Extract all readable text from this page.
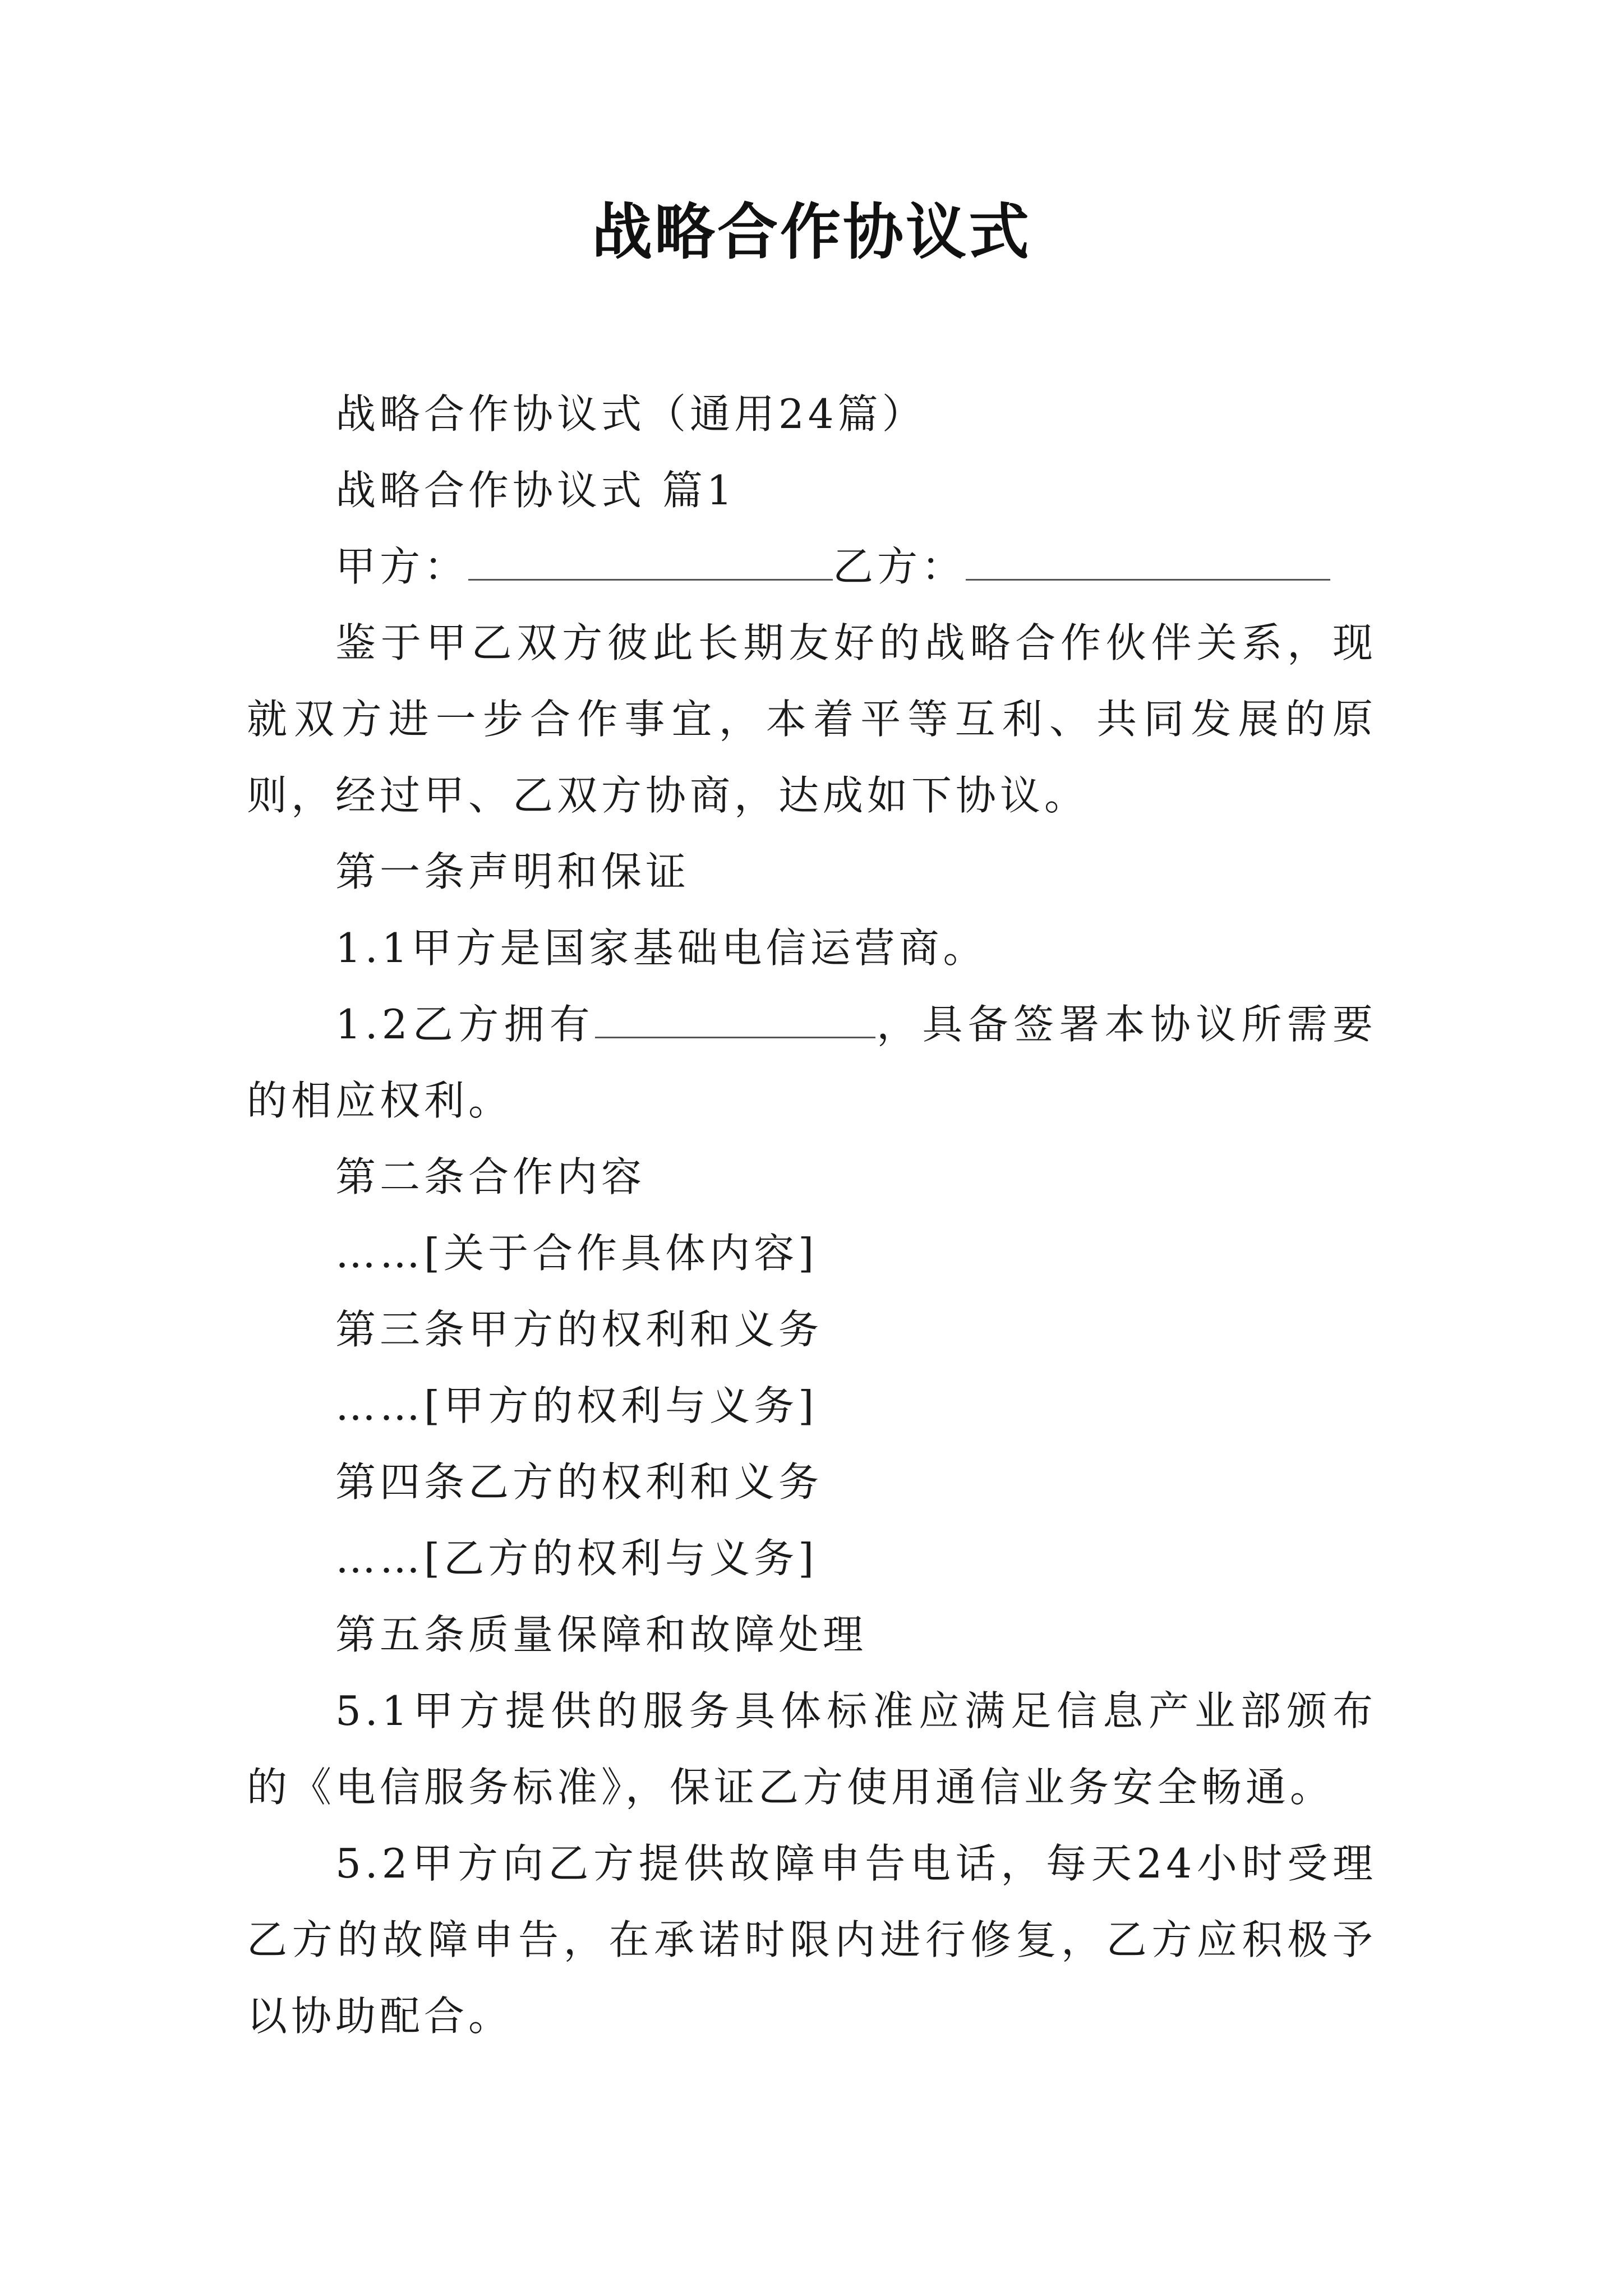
战略合作协议式

战略合作协议式（通用24篇）

战略合作协议式 篇1

甲方：	乙方：

鉴于甲乙双方彼此长期友好的战略合作伙伴关系，现就双方进一步合作事宜，本着平等互利、共同发展的原则，经过甲、乙双方协商，达成如下协议。

第一条声明和保证

1.1甲方是国家基础电信运营商。

1.2乙方拥有	，具备签署本协议所需要的相应权利。

第二条合作内容

……[关于合作具体内容]

第三条甲方的权利和义务

……[甲方的权利与义务]

第四条乙方的权利和义务

……[乙方的权利与义务]

第五条质量保障和故障处理

5.1甲方提供的服务具体标准应满足信息产业部颁布的《电信服务标准》，保证乙方使用通信业务安全畅通。

5.2甲方向乙方提供故障申告电话，每天24小时受理乙方的故障申告，在承诺时限内进行修复，乙方应积极予以协助配合。
